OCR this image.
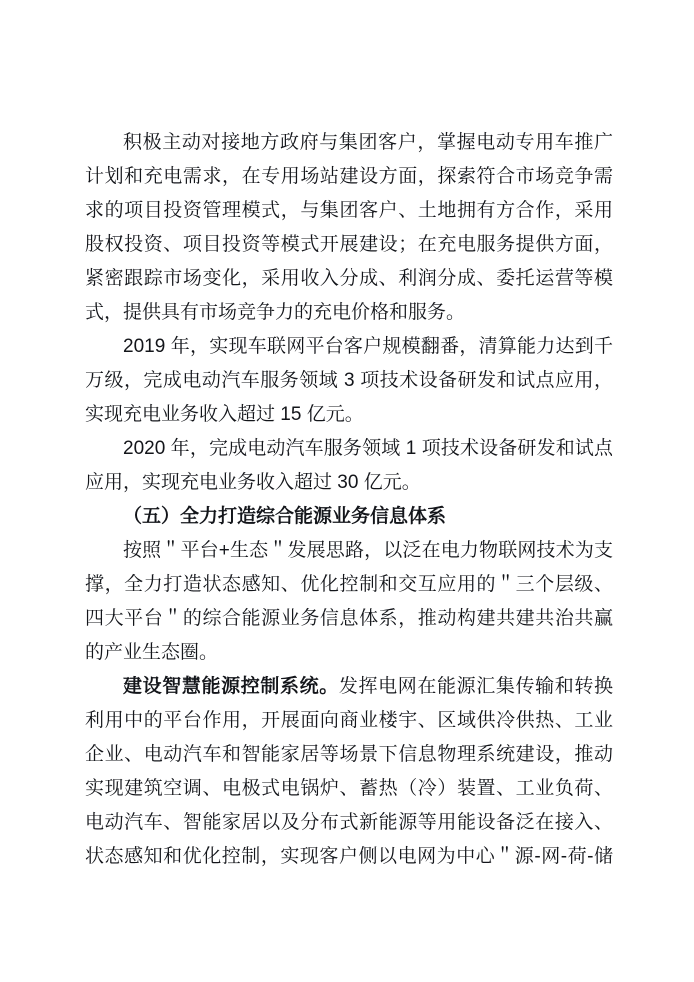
积极主动对接地方政府与集团客户，掌握电动专用车推广
计划和充电需求，在专用场站建设方面，探索符合市场竞争需
求的项目投资管理模式，与集团客户、土地拥有方合作，采用
股权投资、项目投资等模式开展建设；在充电服务提供方面，
紧密跟踪市场变化，采用收入分成、利润分成、委托运营等模
式，提供具有市场竞争力的充电价格和服务。
2019 年，实现车联网平台客户规模翻番，清算能力达到千
万级，完成电动汽车服务领域 3 项技术设备研发和试点应用，
实现充电业务收入超过 15 亿元。
2020 年，完成电动汽车服务领域 1 项技术设备研发和试点
应用，实现充电业务收入超过 30 亿元。
（五）全力打造综合能源业务信息体系
按照＂平台+生态＂发展思路，以泛在电力物联网技术为支
撑，全力打造状态感知、优化控制和交互应用的＂三个层级、
四大平台＂的综合能源业务信息体系，推动构建共建共治共赢
的产业生态圈。
建设智慧能源控制系统。发挥电网在能源汇集传输和转换
利用中的平台作用，开展面向商业楼宇、区域供冷供热、工业
企业、电动汽车和智能家居等场景下信息物理系统建设，推动
实现建筑空调、电极式电锅炉、蓄热（冷）装置、工业负荷、
电动汽车、智能家居以及分布式新能源等用能设备泛在接入、
状态感知和优化控制，实现客户侧以电网为中心＂源-网-荷-储
